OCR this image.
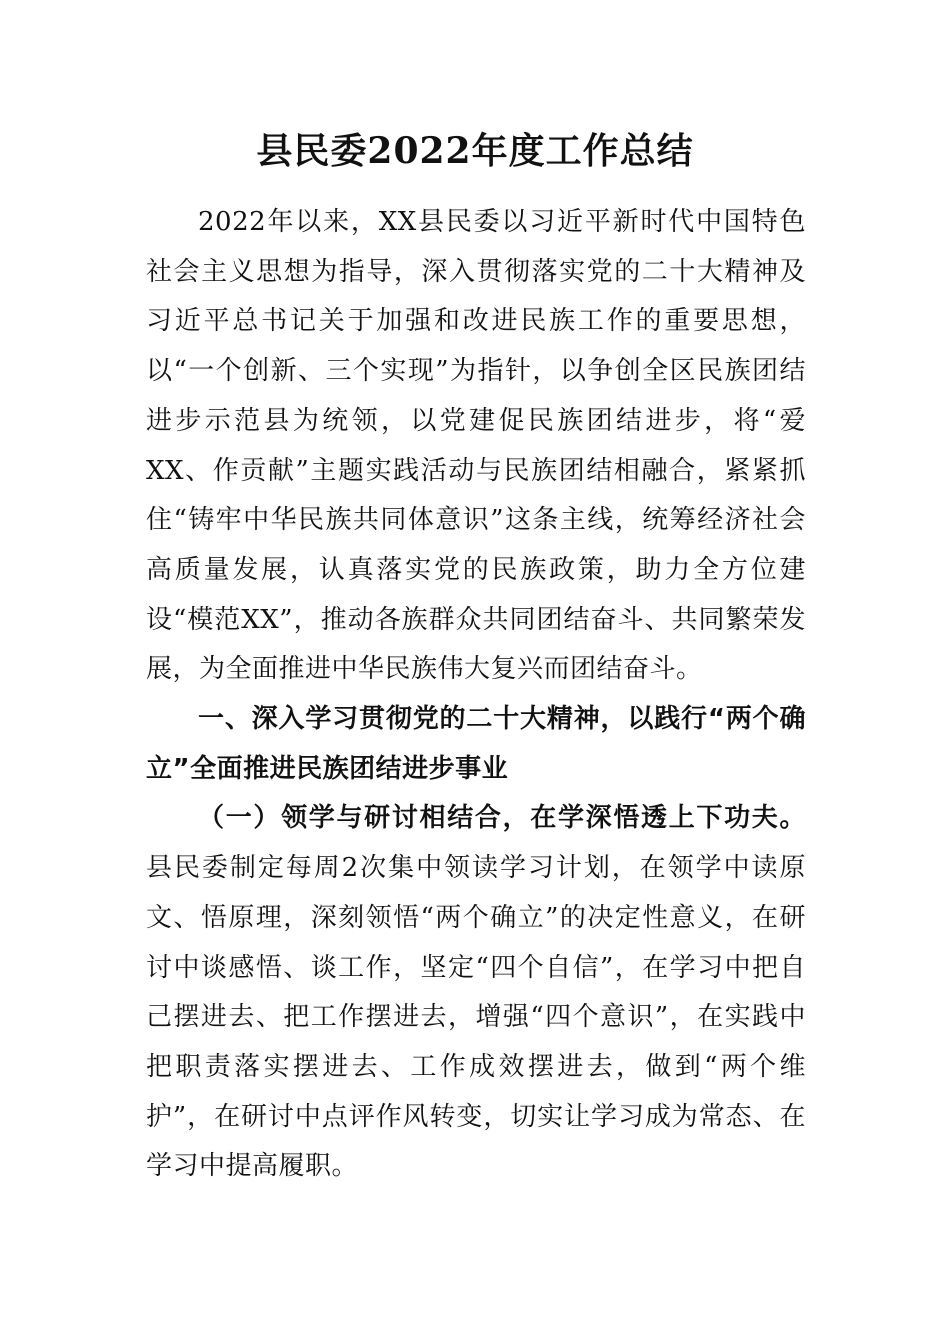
县民委2022年度工作总结

2022年以来，XX县民委以习近平新时代中国特色社会主义思想为指导，深入贯彻落实党的二十大精神及习近平总书记关于加强和改进民族工作的重要思想，以“一个创新、三个实现”为指针，以争创全区民族团结进步示范县为统领，以党建促民族团结进步，将“爱XX、作贡献”主题实践活动与民族团结相融合，紧紧抓住“铸牢中华民族共同体意识”这条主线，统筹经济社会高质量发展，认真落实党的民族政策，助力全方位建设“模范XX”，推动各族群众共同团结奋斗、共同繁荣发展，为全面推进中华民族伟大复兴而团结奋斗。

一、深入学习贯彻党的二十大精神，以践行“两个确立”全面推进民族团结进步事业

（一）领学与研讨相结合，在学深悟透上下功夫。县民委制定每周2次集中领读学习计划，在领学中读原文、悟原理，深刻领悟“两个确立”的决定性意义，在研讨中谈感悟、谈工作，坚定“四个自信”，在学习中把自己摆进去、把工作摆进去，增强“四个意识”，在实践中把职责落实摆进去、工作成效摆进去，做到“两个维护”，在研讨中点评作风转变，切实让学习成为常态、在学习中提高履职。
